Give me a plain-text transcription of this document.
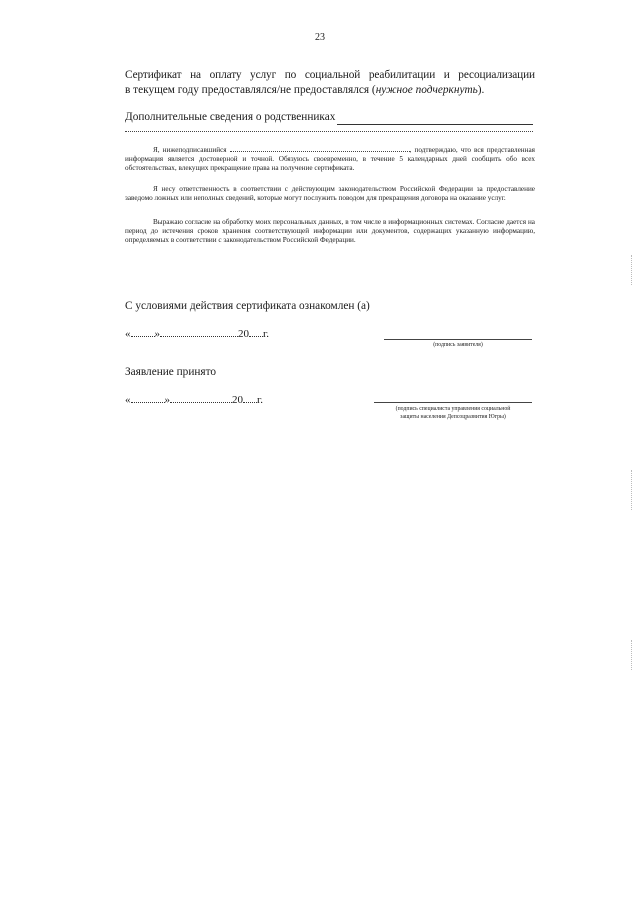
23
Сертификат на оплату услуг по социальной реабилитации и ресоциализации
в текущем году предоставлялся/не предоставлялся (нужное подчеркнуть).
Дополнительные сведения о родственниках

Я, нижеподписавшийся	, подтверждаю, что вся представленная информация является достоверной и точной. Обязуюсь своевременно, в течение 5 календарных дней сообщить обо всех обстоятельствах, влекущих прекращение права на получение сертификата.

Я несу ответственность в соответствии с действующим законодательством Российской Федерации за предоставление заведомо ложных или неполных сведений, которые могут послужить поводом для прекращения договора на оказание услуг.

Выражаю согласие на обработку моих персональных данных, в том числе в информационных системах. Согласие дается на период до истечения сроков хранения соответствующей информации или документов, содержащих указанную информацию, определяемых в соответствии с законодательством Российской Федерации.

С условиями действия сертификата ознакомлен (а)
« »	20 г.
(подпись заявителя)
Заявление принято
«	»	20 г.
(подпись специалиста управления социальной
защиты населения Депсоцразвития Югры)
